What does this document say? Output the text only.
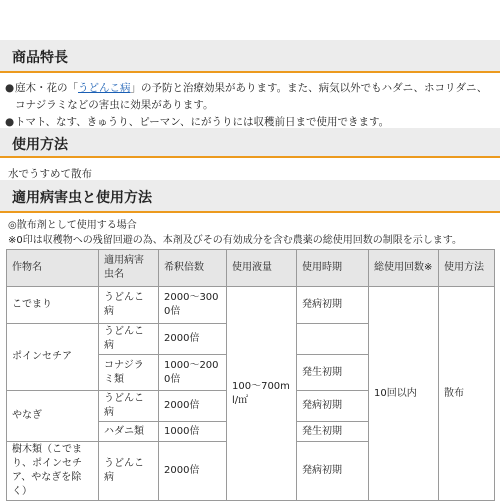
商品特長
● 庭木・花の「うどんこ病」の予防と治療効果があります。また、病気以外でもハダニ、ホコリダニ、コナジラミなどの害虫に効果があります。
● トマト、なす、きゅうり、ピーマン、にがうりには収穫前日まで使用できます。
使用方法
水でうすめて散布
適用病害虫と使用方法
◎散布剤として使用する場合
※0印は収穫物への残留回避の為、本剤及びその有効成分を含む農薬の総使用回数の制限を示します。
作物名	適用病害虫名	希釈倍数	使用液量	使用時期	総使用回数※	使用方法
こでまり	うどんこ病	2000〜3000倍	100〜700ml/㎡	発病初期	10回以内	散布
ポインセチア	うどんこ病	2000倍				
	コナジラミ類	1000〜2000倍		発生初期		
やなぎ	うどんこ病	2000倍		発病初期		
	ハダニ類	1000倍		発生初期		
樹木類（こでまり、ポインセチア、やなぎを除く）	うどんこ病	2000倍		発病初期		
